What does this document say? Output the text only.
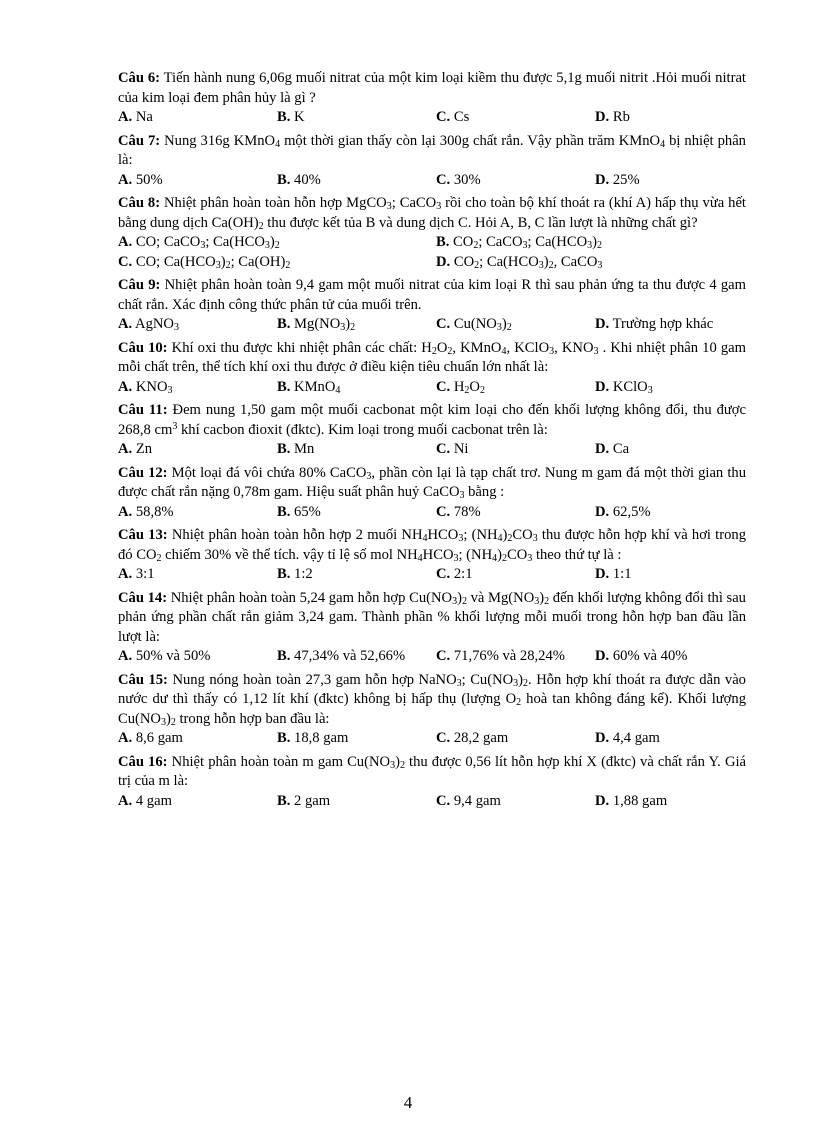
Câu 6: Tiến hành nung 6,06g muối nitrat của một kim loại kiềm thu được 5,1g muối nitrit .Hỏi muối nitrat của kim loại đem phân hủy là gì ?
A. Na	B. K	C. Cs	D. Rb
Câu 7: Nung 316g KMnO$_4$ một thời gian thấy còn lại 300g chất rắn. Vậy phần trăm KMnO$_4$ bị nhiệt phân là:
A. 50%	B. 40%	C. 30%	D. 25%
Câu 8: Nhiệt phân hoàn toàn hỗn hợp MgCO$_3$; CaCO$_3$ rồi cho toàn bộ khí thoát ra (khí A) hấp thụ vừa hết bằng dung dịch $Ca(OH)_2$ thu được kết tủa B và dung dịch C. Hỏi A, B, C lần lượt là những chất gì?
A. CO; CaCO$_3$; $Ca(HCO_3)_2$	B. $CO_2$; CaCO$_3$; $Ca(HCO_3)_2$
C. CO; $Ca(HCO_3)_2$; $Ca(OH)_2$	D. $CO_2$; $Ca(HCO_3)_2$, CaCO$_3$
Câu 9: Nhiệt phân hoàn toàn 9,4 gam một muối nitrat của kim loại R thì sau phản ứng ta thu được 4 gam chất rắn. Xác định công thức phân tử của muối trên.
A. AgNO$_3$	B. $Mg(NO_3)_2$	C. $Cu(NO_3)_2$	D. Trường hợp khác
Câu 10: Khí oxi thu được khi nhiệt phân các chất: $H_2O_2$, KMnO$_4$, KClO$_3$, $KNO_3$ . Khi nhiệt phân 10 gam mỗi chất trên, thể tích khí oxi thu được ở điều kiện tiêu chuẩn lớn nhất là:
A. $KNO_3$	B. KMnO$_4$	C. $H_2O_2$	D. KClO$_3$
Câu 11: Đem nung 1,50 gam một muối cacbonat một kim loại cho đến khối lượng không đổi, thu được 268,8 $cm^3$ khí cacbon đioxit (đktc). Kim loại trong muối cacbonat trên là:
A. Zn	B. Mn	C. Ni	D. Ca
Câu 12: Một loại đá vôi chứa 80% CaCO$_3$, phần còn lại là tạp chất trơ. Nung m gam đá một thời gian thu được chất rắn nặng 0,78m gam. Hiệu suất phân huỷ CaCO$_3$ bằng :
A. 58,8%	B. 65%	C. 78%	D. 62,5%
Câu 13: Nhiệt phân hoàn toàn hỗn hợp 2 muối $NH_4HCO_3$; $(NH_4)_2CO_3$ thu được hỗn hợp khí và hơi trong đó $CO_2$ chiếm 30% về thể tích. vậy tỉ lệ số mol $NH_4HCO_3$; $(NH_4)_2CO_3$ theo thứ tự là :
A. 3:1	B. 1:2	C. 2:1	D. 1:1
Câu 14: Nhiệt phân hoàn toàn 5,24 gam hỗn hợp $Cu(NO_3)_2$ và $Mg(NO_3)_2$ đến khối lượng không đổi thì sau phản ứng phần chất rắn giảm 3,24 gam. Thành phần % khối lượng mỗi muối trong hỗn hợp ban đầu lần lượt là:
A. 50% và 50%	B. 47,34% và 52,66% C. 71,76% và 28,24% D. 60% và 40%
Câu 15: Nung nóng hoàn toàn 27,3 gam hỗn hợp NaNO$_3$; $Cu(NO_3)_2$. Hỗn hợp khí thoát ra được dẫn vào nước dư thì thấy có 1,12 lít khí (đktc) không bị hấp thụ (lượng $O_2$ hoà tan không đáng kể). Khối lượng $Cu(NO_3)_2$ trong hỗn hợp ban đầu là:
A. 8,6 gam	B. 18,8 gam	C. 28,2 gam	D. 4,4 gam
Câu 16: Nhiệt phân hoàn toàn m gam $Cu(NO_3)_2$ thu được 0,56 lít hỗn hợp khí X (đktc) và chất rắn Y. Giá trị của m là:
A. 4 gam	B. 2 gam	C. 9,4 gam	D. 1,88 gam
4
